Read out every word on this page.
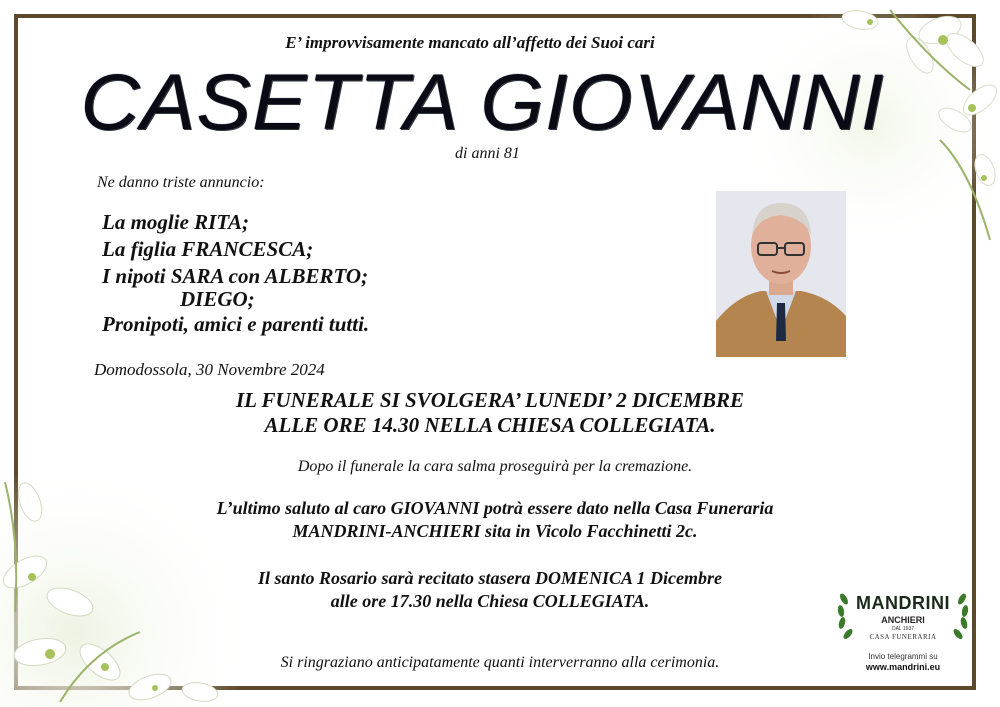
E’ improvvisamente mancato all’affetto dei Suoi cari
CASETTA GIOVANNI
di anni 81
Ne danno triste annuncio:
La moglie RITA;
La figlia FRANCESCA;
I nipoti SARA con ALBERTO;
DIEGO;
Pronipoti, amici e parenti tutti.
Domodossola, 30 Novembre 2024
IL FUNERALE SI SVOLGERA’ LUNEDI’ 2 DICEMBRE
ALLE ORE 14.30 NELLA CHIESA COLLEGIATA.
Dopo il funerale la cara salma proseguirà per la cremazione.
L’ultimo saluto al caro GIOVANNI potrà essere dato nella Casa Funeraria
MANDRINI-ANCHIERI sita in Vicolo Facchinetti 2c.
Il santo Rosario sarà recitato stasera DOMENICA 1 Dicembre
alle ore 17.30 nella Chiesa COLLEGIATA.
Si ringraziano anticipatamente quanti interverranno alla cerimonia.
MANDRINI
ANCHIERI
DAL 1937
CASA FUNERARIA
Invio telegrammi su
www.mandrini.eu
